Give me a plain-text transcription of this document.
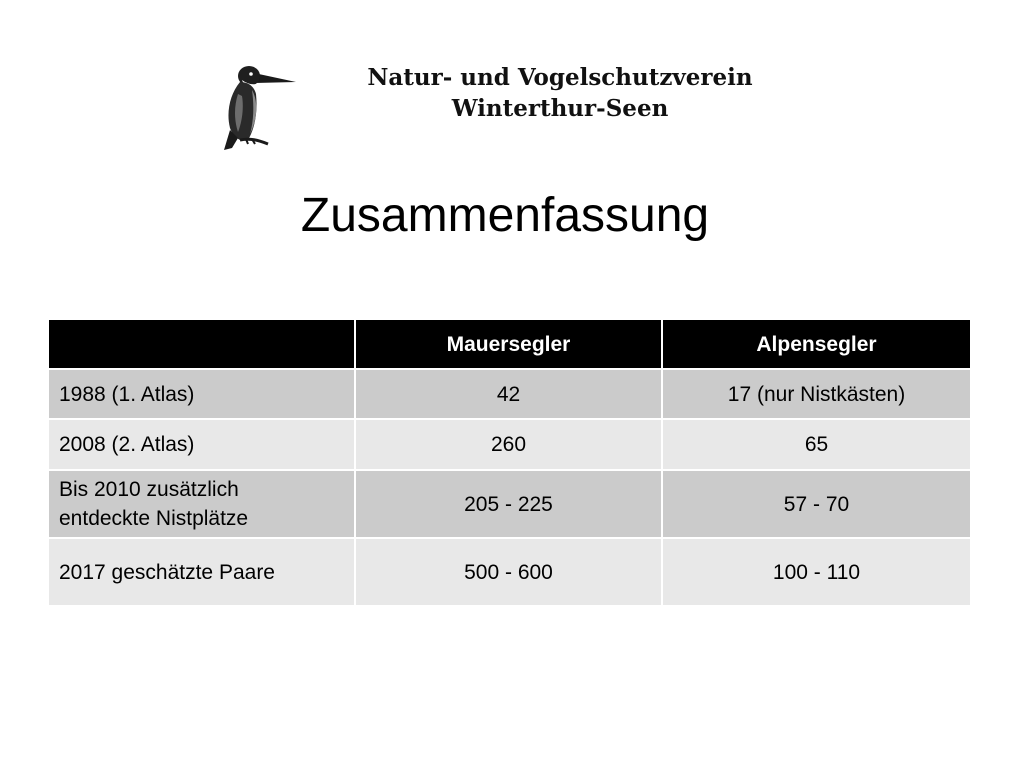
Natur- und Vogelschutzverein
Winterthur-Seen
Zusammenfassung
	Mauersegler	Alpensegler
1988 (1. Atlas)	42	17 (nur Nistkästen)
2008 (2. Atlas)	260	65

Bis 2010 zusätzlich
entdeckte Nistplätze	205 - 225	57 - 70
2017 geschätzte Paare	500 - 600	100 - 110
